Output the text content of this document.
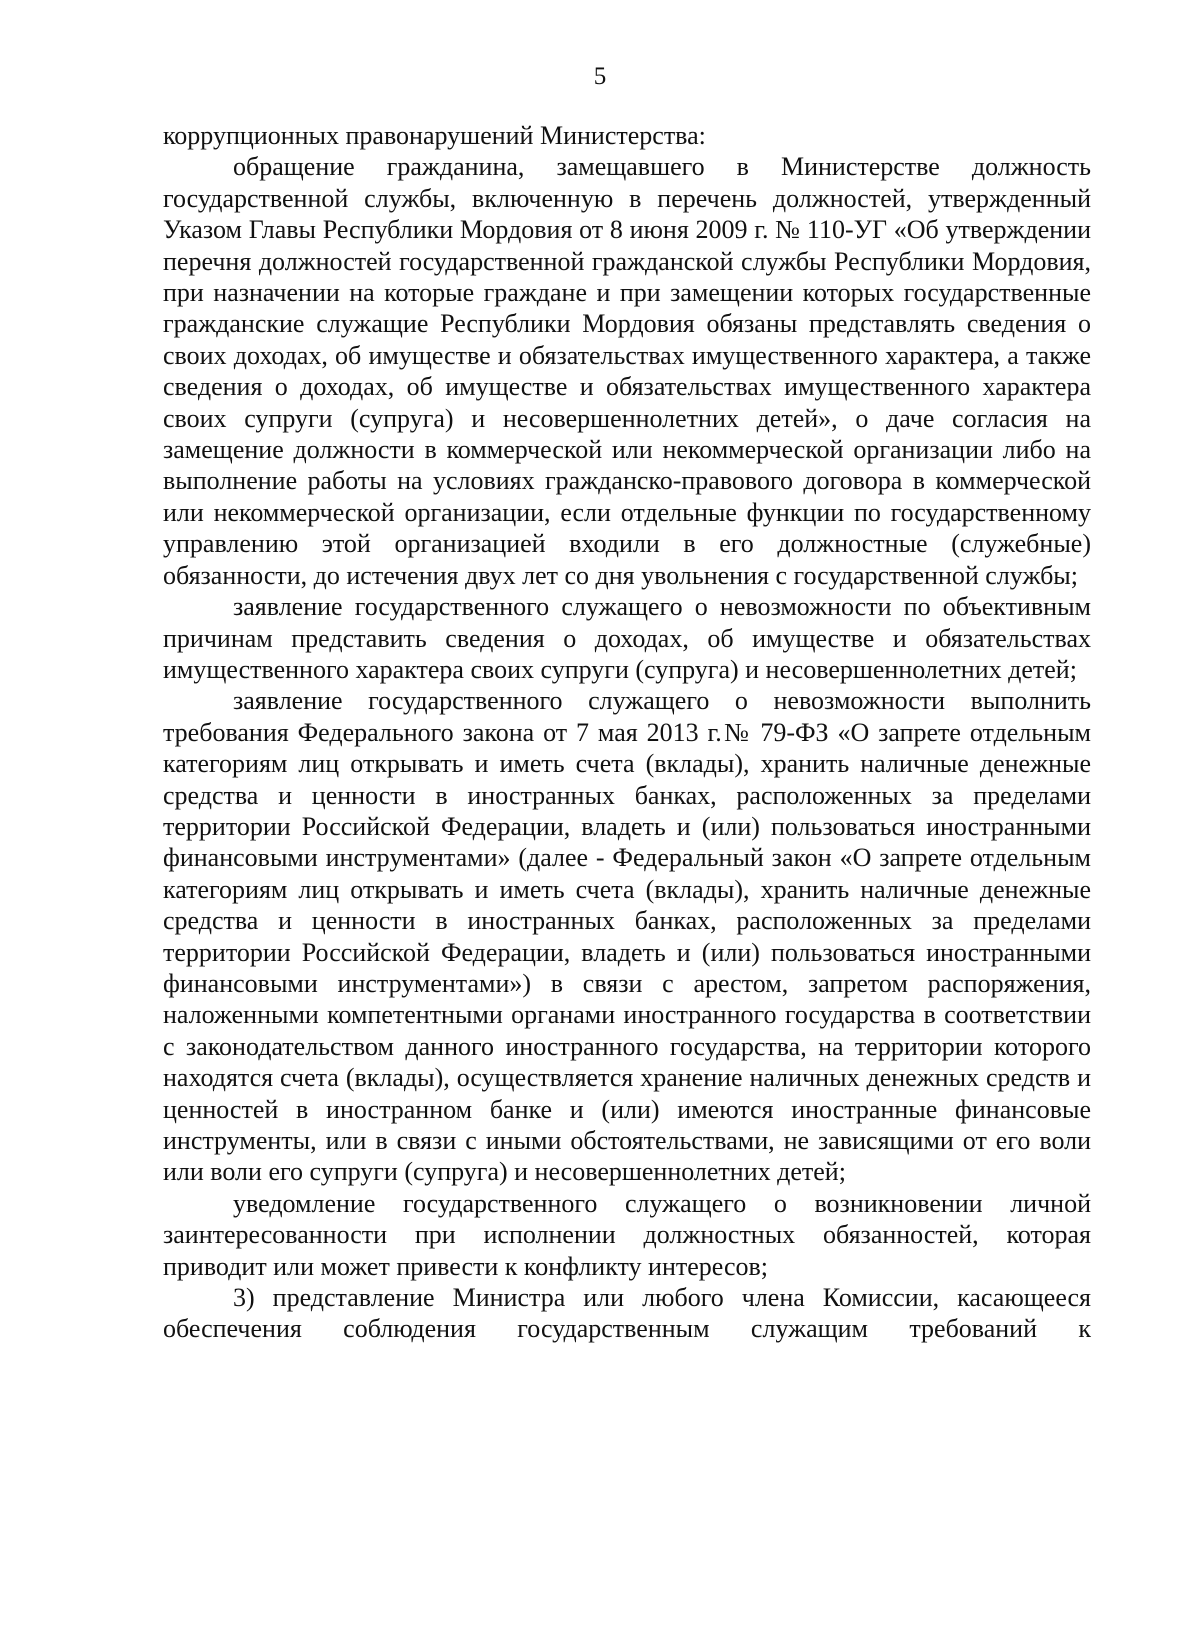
5

коррупционных правонарушений Министерства:

обращение гражданина, замещавшего в Министерстве должность государственной службы, включенную в перечень должностей, утвержденный Указом Главы Республики Мордовия от 8 июня 2009 г. № 110-УГ «Об утверждении перечня должностей государственной гражданской службы Республики Мордовия, при назначении на которые граждане и при замещении которых государственные гражданские служащие Республики Мордовия обязаны представлять сведения о своих доходах, об имуществе и обязательствах имущественного характера, а также сведения о доходах, об имуществе и обязательствах имущественного характера своих супруги (супруга) и несовершеннолетних детей», о даче согласия на замещение должности в коммерческой или некоммерческой организации либо на выполнение работы на условиях гражданско-правового договора в коммерческой или некоммерческой организации, если отдельные функции по государственному управлению этой организацией входили в его должностные (служебные) обязанности, до истечения двух лет со дня увольнения с государственной службы;

заявление государственного служащего о невозможности по объективным причинам представить сведения о доходах, об имуществе и обязательствах имущественного характера своих супруги (супруга) и несовершеннолетних детей;

заявление государственного служащего о невозможности выполнить требования Федерального закона от 7 мая 2013 г.№ 79-ФЗ «О запрете отдельным категориям лиц открывать и иметь счета (вклады), хранить наличные денежные средства и ценности в иностранных банках, расположенных за пределами территории Российской Федерации, владеть и (или) пользоваться иностранными финансовыми инструментами» (далее - Федеральный закон «О запрете отдельным категориям лиц открывать и иметь счета (вклады), хранить наличные денежные средства и ценности в иностранных банках, расположенных за пределами территории Российской Федерации, владеть и (или) пользоваться иностранными финансовыми инструментами») в связи с арестом, запретом распоряжения, наложенными компетентными органами иностранного государства в соответствии с законодательством данного иностранного государства, на территории которого находятся счета (вклады), осуществляется хранение наличных денежных средств и ценностей в иностранном банке и (или) имеются иностранные финансовые инструменты, или в связи с иными обстоятельствами, не зависящими от его воли или воли его супруги (супруга) и несовершеннолетних детей;

уведомление государственного служащего о возникновении личной заинтересованности при исполнении должностных обязанностей, которая приводит или может привести к конфликту интересов;

3) представление Министра или любого члена Комиссии, касающееся обеспечения соблюдения государственным служащим требований к
